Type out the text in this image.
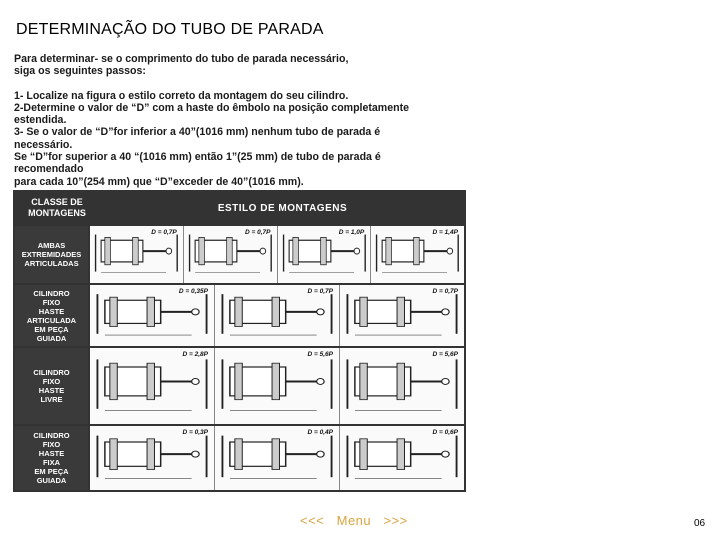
DETERMINAÇÃO DO TUBO DE PARADA

Para determinar- se o comprimento do tubo de parada necessário,

siga os seguintes passos:

1- Localize na figura o estilo correto da montagem do seu cilindro.

2-Determine o valor de “D” com a haste do êmbolo na posição completamente estendida.

3- Se o valor de “D”for inferior a 40”(1016 mm) nenhum tubo de parada é necessário.

Se “D”for superior a 40 “(1016 mm) então 1”(25 mm) de tubo de parada é recomendado

para cada 10”(254 mm) que “D”exceder de 40”(1016 mm).

CLASSE DE
MONTAGENS	ESTILO DE MONTAGENS
AMBAS
EXTREMIDADES
ARTICULADAS
D = 0,7P	D = 0,7P	D = 1,0P	D = 1,4P
CILINDRO
FIXO
HASTE
ARTICULADA
EM PEÇA
GUIADA
D = 0,35P	D = 0,7P	D = 0,7P
CILINDRO
FIXO
HASTE
LIVRE
D = 2,8P	D = 5,6P	D = 5,6P
CILINDRO
FIXO
HASTE
FIXA
EM PEÇA
GUIADA
D = 0,3P	D = 0,4P	D = 0,6P
<<< Menu >>>	06
